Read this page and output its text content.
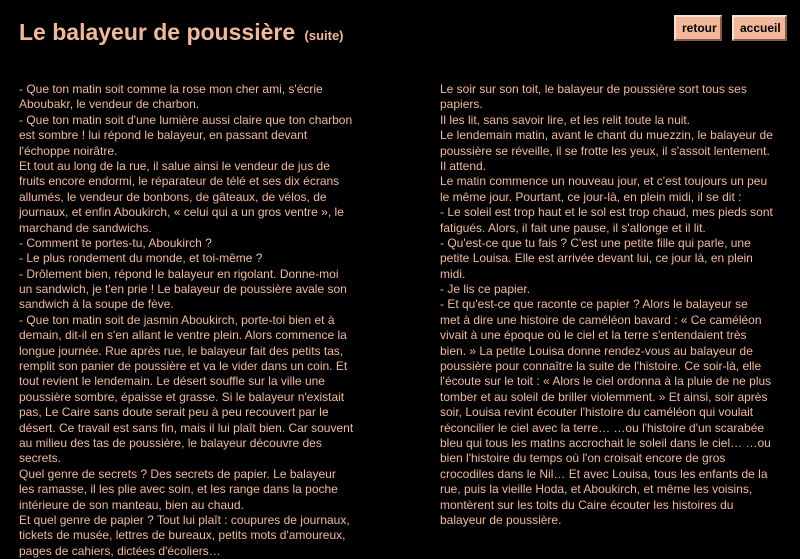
Le balayeur de poussière (suite)	retour	accueil
- Que ton matin soit comme la rose mon cher ami, s'écrie
Aboubakr, le vendeur de charbon.
- Que ton matin soit d'une lumière aussi claire que ton charbon
est sombre ! lui répond le balayeur, en passant devant
l'échoppe noirâtre.
Et tout au long de la rue, il salue ainsi le vendeur de jus de
fruits encore endormi, le réparateur de télé et ses dix écrans
allumés, le vendeur de bonbons, de gâteaux, de vélos, de
journaux, et enfin Aboukirch, « celui qui a un gros ventre », le
marchand de sandwichs.
- Comment te portes-tu, Aboukirch ?
- Le plus rondement du monde, et toi-même ?
- Drôlement bien, répond le balayeur en rigolant. Donne-moi
un sandwich, je t'en prie ! Le balayeur de poussière avale son
sandwich à la soupe de fève.
- Que ton matin soit de jasmin Aboukirch, porte-toi bien et à
demain, dit-il en s'en allant le ventre plein. Alors commence la
longue journée. Rue après rue, le balayeur fait des petits tas,
remplit son panier de poussière et va le vider dans un coin. Et
tout revient le lendemain. Le désert souffle sur la ville une
poussière sombre, épaisse et grasse. Si le balayeur n'existait
pas, Le Caire sans doute serait peu à peu recouvert par le
désert. Ce travail est sans fin, mais il lui plaît bien. Car souvent
au milieu des tas de poussière, le balayeur découvre des
secrets.
Quel genre de secrets ? Des secrets de papier. Le balayeur
les ramasse, il les plie avec soin, et les range dans la poche
intérieure de son manteau, bien au chaud.
Et quel genre de papier ? Tout lui plaît : coupures de journaux,
tickets de musée, lettres de bureaux, petits mots d'amoureux,
pages de cahiers, dictées d'écoliers…
Le soir sur son toit, le balayeur de poussière sort tous ses
papiers.
Il les lit, sans savoir lire, et les relit toute la nuit.
Le lendemain matin, avant le chant du muezzin, le balayeur de
poussière se réveille, il se frotte les yeux, il s'assoit lentement.
Il attend.
Le matin commence un nouveau jour, et c'est toujours un peu
le même jour. Pourtant, ce jour-là, en plein midi, il se dit :
- Le soleil est trop haut et le sol est trop chaud, mes pieds sont
fatigués. Alors, il fait une pause, il s'allonge et il lit.
- Qu'est-ce que tu fais ? C'est une petite fille qui parle, une
petite Louisa. Elle est arrivée devant lui, ce jour là, en plein
midi.
- Je lis ce papier.
- Et qu'est-ce que raconte ce papier ? Alors le balayeur se
met à dire une histoire de caméléon bavard : « Ce caméléon
vivait à une époque où le ciel et la terre s'entendaient très
bien. » La petite Louisa donne rendez-vous au balayeur de
poussière pour connaître la suite de l'histoire. Ce soir-là, elle
l'écoute sur le toit : « Alors le ciel ordonna à la pluie de ne plus
tomber et au soleil de briller violemment. » Et ainsi, soir après
soir, Louisa revint écouter l'histoire du caméléon qui voulait
réconcilier le ciel avec la terre… …ou l'histoire d'un scarabée
bleu qui tous les matins accrochait le soleil dans le ciel… …ou
bien l'histoire du temps où l'on croisait encore de gros
crocodiles dans le Nil… Et avec Louisa, tous les enfants de la
rue, puis la vieille Hoda, et Aboukirch, et même les voisins,
montèrent sur les toits du Caire écouter les histoires du
balayeur de poussière.
